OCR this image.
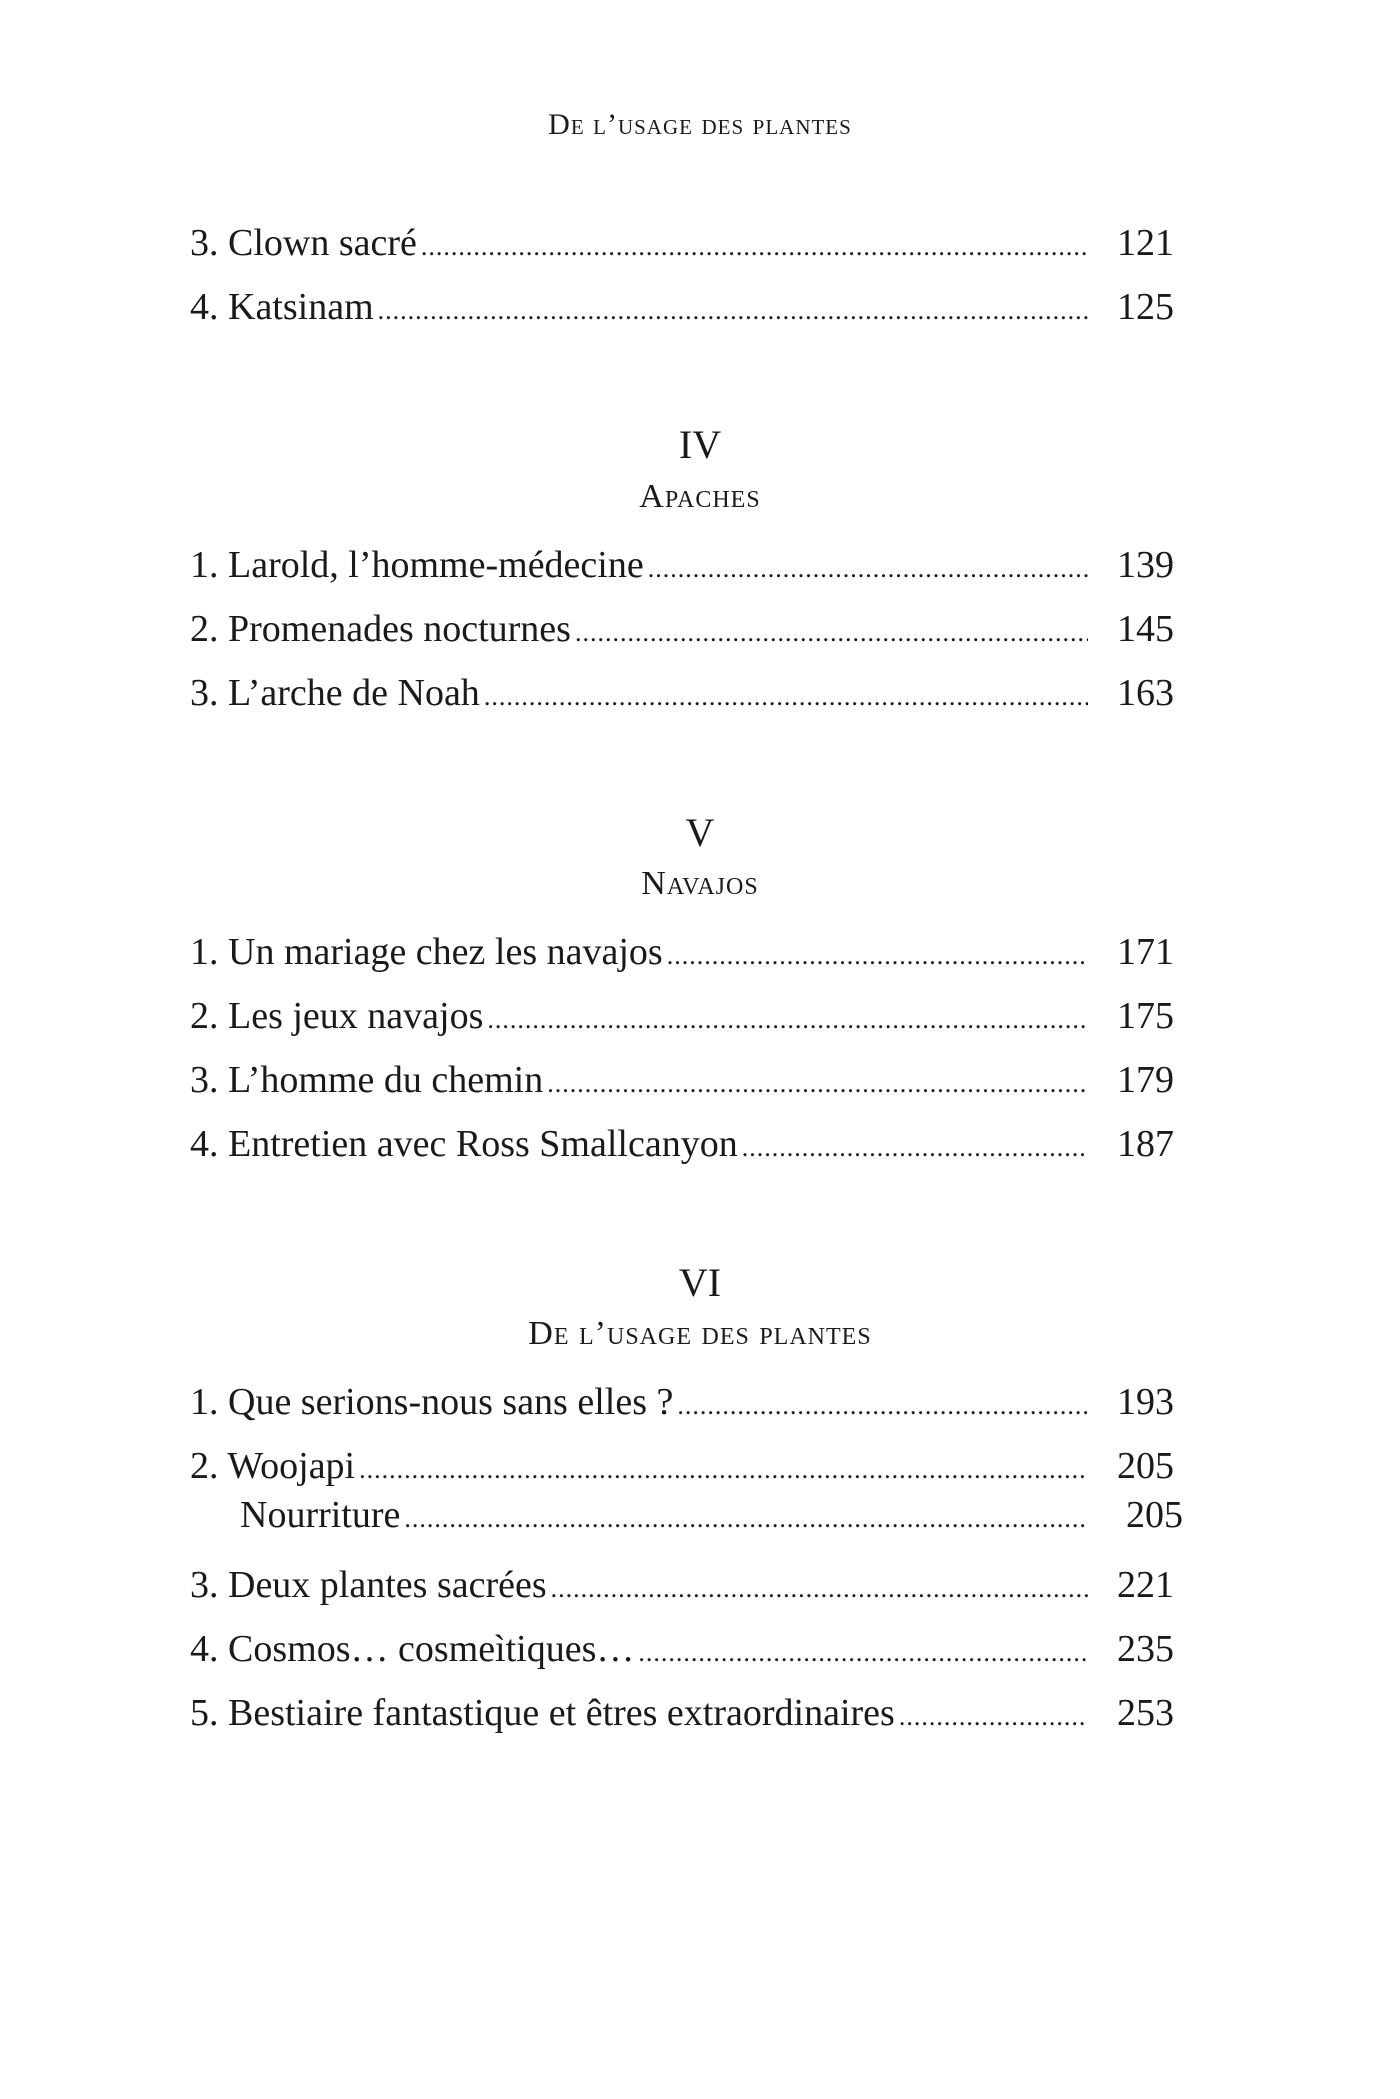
De l’usage des plantes
3. Clown sacré .....	121
4. Katsinam .....	125
IV
Apaches
1. Larold, l’homme-médecine .....	139
2. Promenades nocturnes .....	145
3. L’arche de Noah .....	163
V
Navajos
1. Un mariage chez les navajos .....	171
2. Les jeux navajos .....	175
3. L’homme du chemin .....	179
4. Entretien avec Ross Smallcanyon .....	187
VI
De l’usage des plantes
1. Que serions-nous sans elles ? .....	193
2. Woojapi .....	205
Nourriture .....	205
3. Deux plantes sacrées .....	221
4. Cosmos… cosmeìtiques… .....	235
5. Bestiaire fantastique et êtres extraordinaires .....	253
